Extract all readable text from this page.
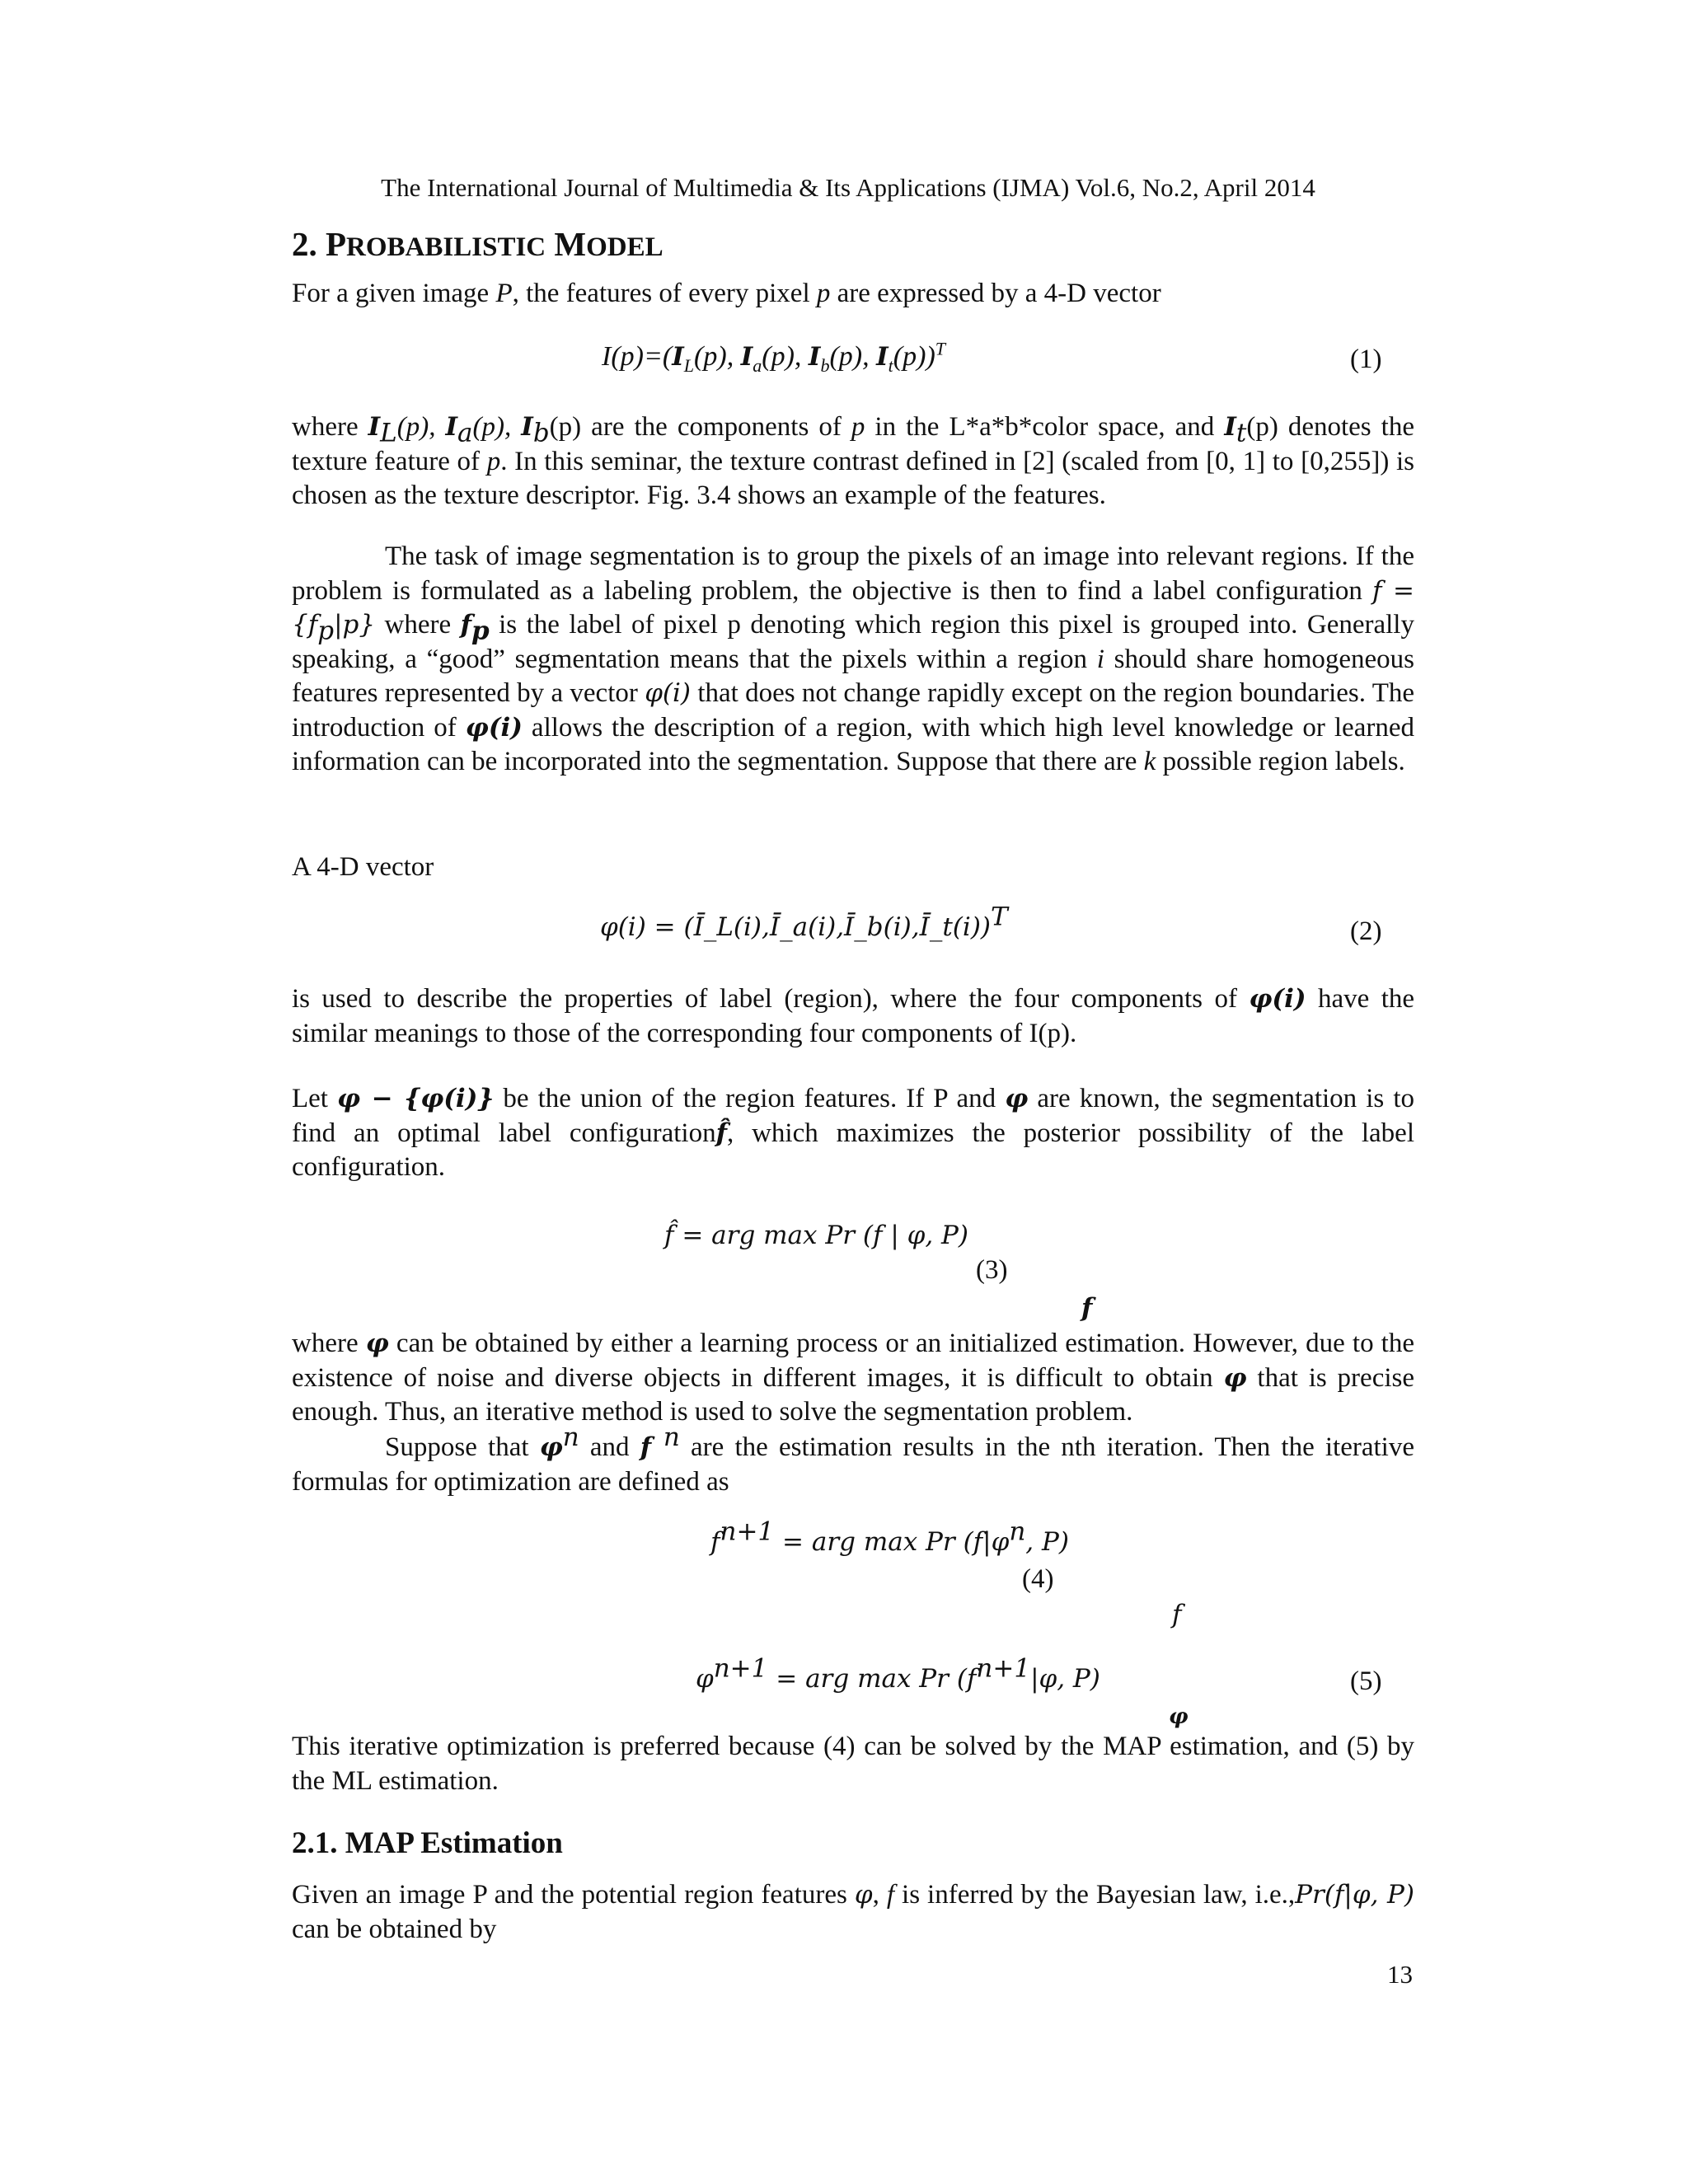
The International Journal of Multimedia & Its Applications (IJMA) Vol.6, No.2, April 2014
2. PROBABILISTIC MODEL
For a given image P, the features of every pixel p are expressed by a 4-D vector
$I(p)=(I_L(p)$, $I_a(p)$, $I_b(p)$, $I_t(p))^T$	(1)
where $I_L(p)$, $I_a(p)$, $I_b(p)$ are the components of p in the L*a*b*color space, and $I_t(p)$ denotes the texture feature of p. In this seminar, the texture contrast defined in [2] (scaled from [0, 1] to [0,255]) is chosen as the texture descriptor. Fig. 3.4 shows an example of the features.
The task of image segmentation is to group the pixels of an image into relevant regions. If the problem is formulated as a labeling problem, the objective is then to find a label configuration $f = \{f_p|p\}$ where $f_p$ is the label of pixel p denoting which region this pixel is grouped into. Generally speaking, a “good” segmentation means that the pixels within a region i should share homogeneous features represented by a vector φ(i) that does not change rapidly except on the region boundaries. The introduction of φ(i) allows the description of a region, with which high level knowledge or learned information can be incorporated into the segmentation. Suppose that there are k possible region labels.
A 4-D vector
φ(i) = (Ī_L(i),Ī_a(i),Ī_b(i),Ī_t(i))$^T$	(2)
is used to describe the properties of label (region), where the four components of φ(i) have the similar meanings to those of the corresponding four components of I(p).
Let φ − {φ(i)} be the union of the region features. If P and φ are known, the segmentation is to find an optimal label configurationf̂, which maximizes the posterior possibility of the label configuration.
f̂ = arg max Pr (f | φ, P)
(3)
f
where φ can be obtained by either a learning process or an initialized estimation. However, due to the existence of noise and diverse objects in different images, it is difficult to obtain φ that is precise enough. Thus, an iterative method is used to solve the segmentation problem.
Suppose that $\varphi^n$ and f $^n$ are the estimation results in the nth iteration. Then the iterative formulas for optimization are defined as
$f^{n+1}$ = arg max Pr ($f|\varphi^n$, P)
(4)
f
$\varphi^{n+1}$ = arg max Pr ($f^{n+1}|\varphi$, P)	(5)
φ
This iterative optimization is preferred because (4) can be solved by the MAP estimation, and (5) by the ML estimation.
2.1. MAP Estimation
Given an image P and the potential region features φ, f is inferred by the Bayesian law, i.e.,Pr(f|φ, P) can be obtained by
13
